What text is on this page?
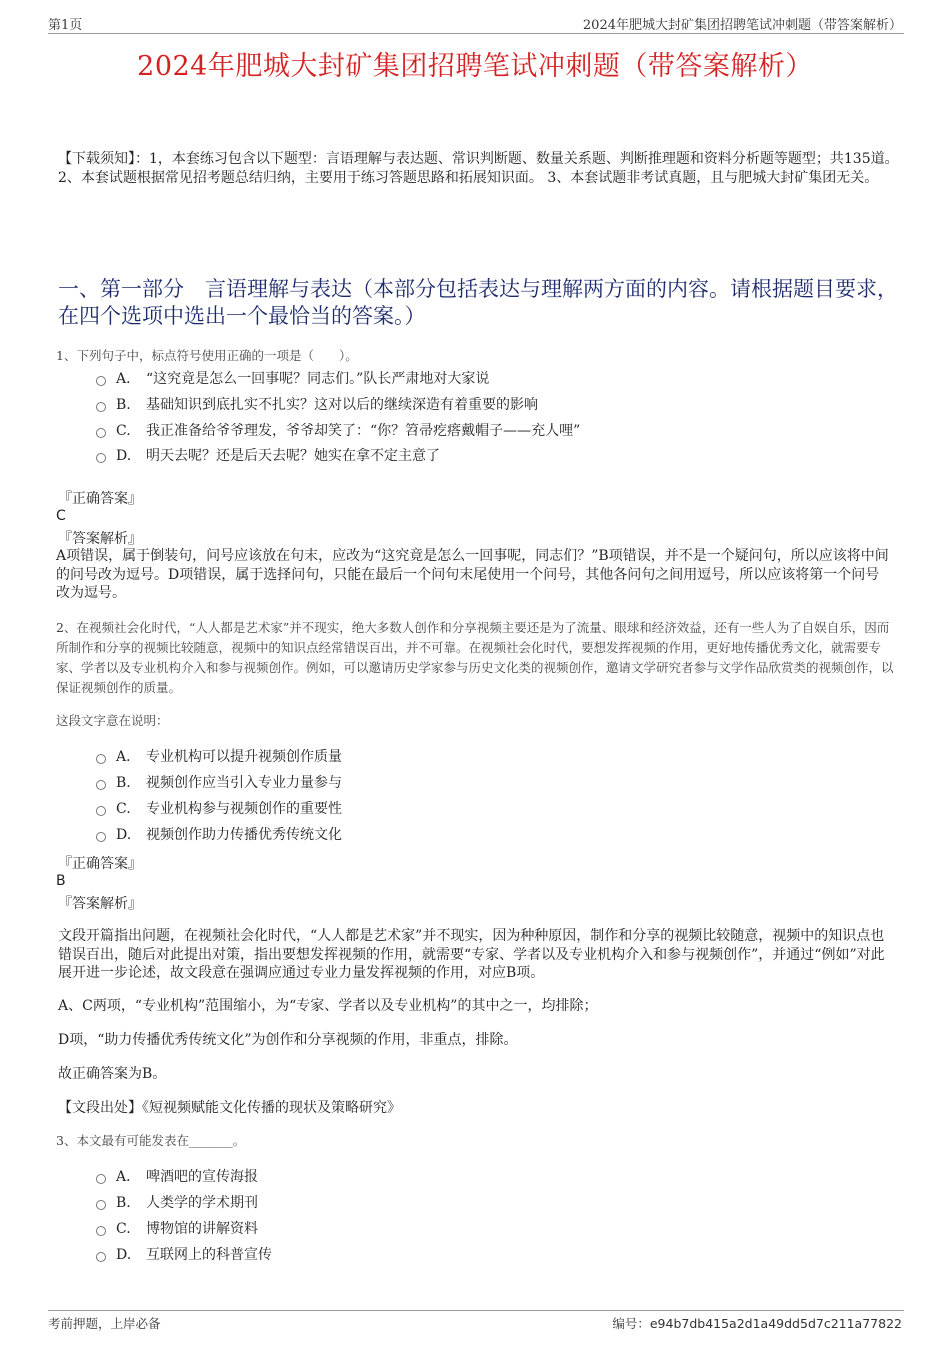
第1页	2024年肥城大封矿集团招聘笔试冲刺题（带答案解析）
2024年肥城大封矿集团招聘笔试冲刺题（带答案解析）
【下载须知】：1，本套练习包含以下题型：言语理解与表达题、常识判断题、数量关系题、判断推理题和资料分析题等题型；共135道。 2、本套试题根据常见招考题总结归纳，主要用于练习答题思路和拓展知识面。 3、本套试题非考试真题，且与肥城大封矿集团无关。
一、第一部分　言语理解与表达（本部分包括表达与理解两方面的内容。请根据题目要求，在四个选项中选出一个最恰当的答案。）
1、下列句子中，标点符号使用正确的一项是（　　）。
A． “这究竟是怎么一回事呢？同志们。”队长严肃地对大家说
B. 基础知识到底扎实不扎实？这对以后的继续深造有着重要的影响
C. 我正准备给爷爷理发，爷爷却笑了：“你？笤帚疙瘩戴帽子——充人哩”
D. 明天去呢？还是后天去呢？她实在拿不定主意了
『正确答案』
C
『答案解析』
A项错误，属于倒装句，问号应该放在句末，应改为“这究竟是怎么一回事呢，同志们？”B项错误，并不是一个疑问句，所以应该将中间的问号改为逗号。D项错误，属于选择问句，只能在最后一个问句末尾使用一个问号，其他各问句之间用逗号，所以应该将第一个问号改为逗号。
2、在视频社会化时代，“人人都是艺术家”并不现实，绝大多数人创作和分享视频主要还是为了流量、眼球和经济效益，还有一些人为了自娱自乐，因而所制作和分享的视频比较随意，视频中的知识点经常错误百出，并不可靠。在视频社会化时代，要想发挥视频的作用，更好地传播优秀文化，就需要专家、学者以及专业机构介入和参与视频创作。例如，可以邀请历史学家参与历史文化类的视频创作，邀请文学研究者参与文学作品欣赏类的视频创作，以保证视频创作的质量。
这段文字意在说明：
A． 专业机构可以提升视频创作质量
B. 视频创作应当引入专业力量参与
C. 专业机构参与视频创作的重要性
D. 视频创作助力传播优秀传统文化
『正确答案』
B
『答案解析』
文段开篇指出问题，在视频社会化时代，“人人都是艺术家”并不现实，因为种种原因，制作和分享的视频比较随意，视频中的知识点也错误百出，随后对此提出对策，指出要想发挥视频的作用，就需要“专家、学者以及专业机构介入和参与视频创作”，并通过“例如”对此展开进一步论述，故文段意在强调应通过专业力量发挥视频的作用，对应B项。
A、C两项，“专业机构”范围缩小，为“专家、学者以及专业机构”的其中之一，均排除；
D项，“助力传播优秀传统文化”为创作和分享视频的作用，非重点，排除。
故正确答案为B。
【文段出处】《短视频赋能文化传播的现状及策略研究》
3、本文最有可能发表在_______。
A． 啤酒吧的宣传海报
B. 人类学的学术期刊
C. 博物馆的讲解资料
D. 互联网上的科普宣传
考前押题，上岸必备	编号：e94b7db415a2d1a49dd5d7c211a77822
